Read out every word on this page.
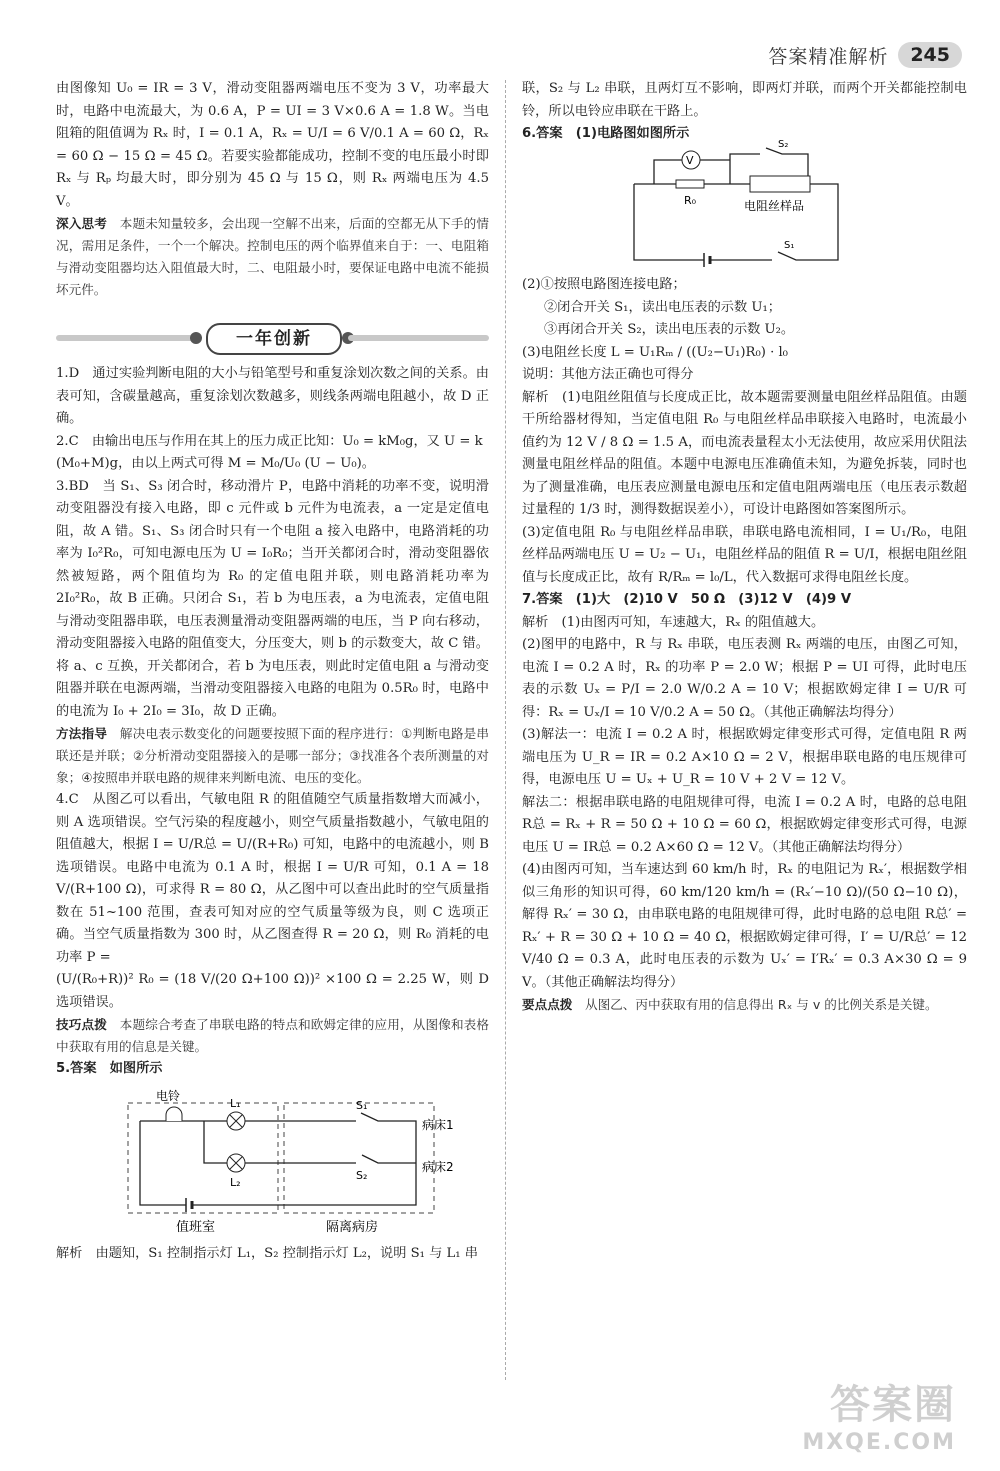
答案精准解析	245

由图像知 U₀ = IR = 3 V，滑动变阻器两端电压不变为 3 V，功率最大时，电路中电流最大，为 0.6 A，P = UI = 3 V×0.6 A = 1.8 W。当电阻箱的阻值调为 Rₓ 时，I = 0.1 A，Rₓ = U/I = 6 V/0.1 A = 60 Ω，Rₓ = 60 Ω − 15 Ω = 45 Ω。若要实验都能成功，控制不变的电压最小时即 Rₓ 与 Rₚ 均最大时，即分别为 45 Ω 与 15 Ω，则 Rₓ 两端电压为 4.5 V。

深入思考　 本题未知量较多，会出现一空解不出来，后面的空都无从下手的情况，需用足条件，一个一个解决。控制电压的两个临界值来自于：一、电阻箱与滑动变阻器均达入阻值最大时，二、电阻最小时，要保证电路中电流不能损坏元件。

一年创新

1.D　通过实验判断电阻的大小与铅笔型号和重复涂划次数之间的关系。由表可知，含碳量越高，重复涂划次数越多，则线条两端电阻越小，故 D 正确。

2.C　由输出电压与作用在其上的压力成正比知：U₀ = kM₀g，又 U = k

(M₀+M)g，由以上两式可得 M = M₀/U₀ (U − U₀)。

3.BD　当 S₁、S₃ 闭合时，移动滑片 P，电路中消耗的功率不变，说明滑动变阻器没有接入电路，即 c 元件或 b 元件为电流表，a 一定是定值电阻，故 A 错。S₁、S₃ 闭合时只有一个电阻 a 接入电路中，电路消耗的功率为 I₀²R₀，可知电源电压为 U = I₀R₀；当开关都闭合时，滑动变阻器依然被短路，两个阻值均为 R₀ 的定值电阻并联，则电路消耗功率为 2I₀²R₀，故 B 正确。只闭合 S₁，若 b 为电压表，a 为电流表，定值电阻与滑动变阻器串联，电压表测量滑动变阻器两端的电压，当 P 向右移动，滑动变阻器接入电路的阻值变大，分压变大，则 b 的示数变大，故 C 错。将 a、c 互换，开关都闭合，若 b 为电压表，则此时定值电阻 a 与滑动变阻器并联在电源两端，当滑动变阻器接入电路的电阻为 0.5R₀ 时，电路中的电流为 I₀ + 2I₀ = 3I₀，故 D 正确。

方法指导　 解决电表示数变化的问题要按照下面的程序进行：①判断电路是串联还是并联；②分析滑动变阻器接入的是哪一部分；③找准各个表所测量的对象；④按照串并联电路的规律来判断电流、电压的变化。

4.C　从图乙可以看出，气敏电阻 R 的阻值随空气质量指数增大而减小，则 A 选项错误。空气污染的程度越小，则空气质量指数越小，气敏电阻的阻值越大，根据 I = U/R总 = U/(R+R₀) 可知，电路中的电流越小，则 B 选项错误。电路中电流为 0.1 A 时，根据 I = U/R 可知，0.1 A = 18 V/(R+100 Ω)，可求得 R = 80 Ω，从乙图中可以查出此时的空气质量指数在 51~100 范围，查表可知对应的空气质量等级为良，则 C 选项正确。当空气质量指数为 300 时，从乙图查得 R = 20 Ω，则 R₀ 消耗的电功率 P =

(U/(R₀+R))² R₀ = (18 V/(20 Ω+100 Ω))² ×100 Ω = 2.25 W，则 D 选项错误。

技巧点拨　 本题综合考查了串联电路的特点和欧姆定律的应用，从图像和表格中获取有用的信息是关键。

5.答案　如图所示

电铃
L₁
L₂
S₁
S₂
病床1
病床2
值班室	隔离病房

解析　由题知，S₁ 控制指示灯 L₁，S₂ 控制指示灯 L₂，说明 S₁ 与 L₁ 串

联，S₂ 与 L₂ 串联，且两灯互不影响，即两灯并联，而两个开关都能控制电铃，所以电铃应串联在干路上。

6.答案　(1)电路图如图所示

V
R₀	电阻丝样品
S₂
S₁

(2)①按照电路图连接电路；

②闭合开关 S₁，读出电压表的示数 U₁；

③再闭合开关 S₂，读出电压表的示数 U₂。

(3)电阻丝长度 L = U₁Rₘ / ((U₂−U₁)R₀) · l₀

说明：其他方法正确也可得分

解析　(1)电阻丝阻值与长度成正比，故本题需要测量电阻丝样品阻值。由题干所给器材得知，当定值电阻 R₀ 与电阻丝样品串联接入电路时，电流最小值约为 12 V / 8 Ω = 1.5 A，而电流表量程太小无法使用，故应采用伏阻法测量电阻丝样品的阻值。本题中电源电压准确值未知，为避免拆装，同时也为了测量准确，电压表应测量电源电压和定值电阻两端电压（电压表示数超过量程的 1/3 时，测得数据误差小），可设计电路图如答案图所示。

(3)定值电阻 R₀ 与电阻丝样品串联，串联电路电流相同，I = U₁/R₀，电阻丝样品两端电压 U = U₂ − U₁，电阻丝样品的阻值 R = U/I，根据电阻丝阻值与长度成正比，故有 R/Rₘ = l₀/L，代入数据可求得电阻丝长度。

7.答案　(1)大　(2)10 V　50 Ω　(3)12 V　(4)9 V

解析　(1)由图丙可知，车速越大，Rₓ 的阻值越大。

(2)图甲的电路中，R 与 Rₓ 串联，电压表测 Rₓ 两端的电压，由图乙可知，电流 I = 0.2 A 时，Rₓ 的功率 P = 2.0 W；根据 P = UI 可得，此时电压表的示数 Uₓ = P/I = 2.0 W/0.2 A = 10 V；根据欧姆定律 I = U/R 可得：Rₓ = Uₓ/I = 10 V/0.2 A = 50 Ω。（其他正确解法均得分）

(3)解法一：电流 I = 0.2 A 时，根据欧姆定律变形式可得，定值电阻 R 两端电压为 U_R = IR = 0.2 A×10 Ω = 2 V，根据串联电路的电压规律可得，电源电压 U = Uₓ + U_R = 10 V + 2 V = 12 V。

解法二：根据串联电路的电阻规律可得，电流 I = 0.2 A 时，电路的总电阻 R总 = Rₓ + R = 50 Ω + 10 Ω = 60 Ω，根据欧姆定律变形式可得，电源电压 U = IR总 = 0.2 A×60 Ω = 12 V。（其他正确解法均得分）

(4)由图丙可知，当车速达到 60 km/h 时，Rₓ 的电阻记为 Rₓ′，根据数学相似三角形的知识可得，60 km/120 km/h = (Rₓ′−10 Ω)/(50 Ω−10 Ω)，解得 Rₓ′ = 30 Ω，由串联电路的电阻规律可得，此时电路的总电阻 R总′ = Rₓ′ + R = 30 Ω + 10 Ω = 40 Ω，根据欧姆定律可得，I′ = U/R总′ = 12 V/40 Ω = 0.3 A，此时电压表的示数为 Uₓ′ = I′Rₓ′ = 0.3 A×30 Ω = 9 V。（其他正确解法均得分）

要点点拨　 从图乙、丙中获取有用的信息得出 Rₓ 与 v 的比例关系是关键。

答案圈
MXQE.COM
